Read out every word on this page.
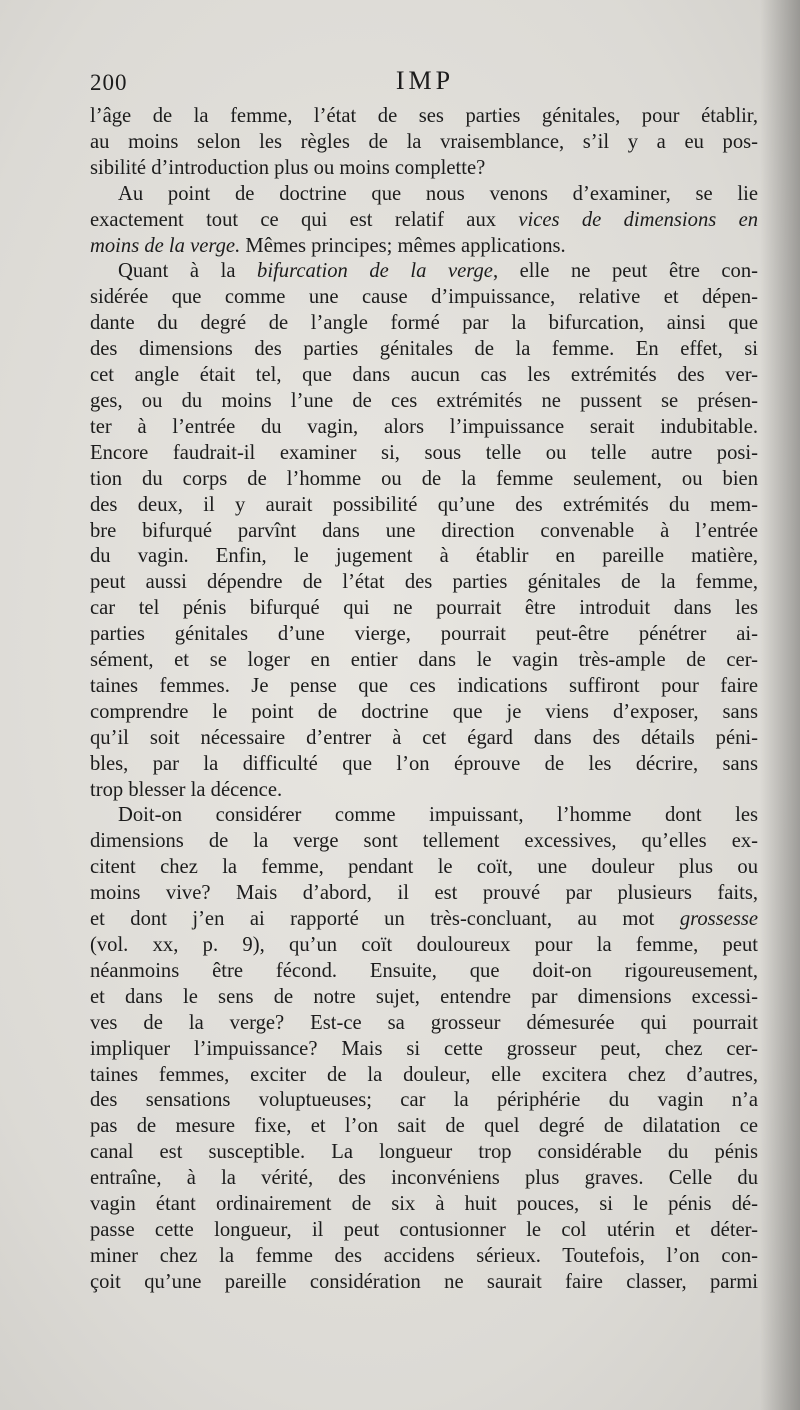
200	IMP
l’âge de la femme, l’état de ses parties génitales, pour établir,
au moins selon les règles de la vraisemblance, s’il y a eu pos-
sibilité d’introduction plus ou moins complette?
Au point de doctrine que nous venons d’examiner, se lie
exactement tout ce qui est relatif aux vices de dimensions en
moins de la verge. Mêmes principes; mêmes applications.
Quant à la bifurcation de la verge, elle ne peut être con-
sidérée que comme une cause d’impuissance, relative et dépen-
dante du degré de l’angle formé par la bifurcation, ainsi que
des dimensions des parties génitales de la femme. En effet, si
cet angle était tel, que dans aucun cas les extrémités des ver-
ges, ou du moins l’une de ces extrémités ne pussent se présen-
ter à l’entrée du vagin, alors l’impuissance serait indubitable.
Encore faudrait-il examiner si, sous telle ou telle autre posi-
tion du corps de l’homme ou de la femme seulement, ou bien
des deux, il y aurait possibilité qu’une des extrémités du mem-
bre bifurqué parvînt dans une direction convenable à l’entrée
du vagin. Enfin, le jugement à établir en pareille matière,
peut aussi dépendre de l’état des parties génitales de la femme,
car tel pénis bifurqué qui ne pourrait être introduit dans les
parties génitales d’une vierge, pourrait peut-être pénétrer ai-
sément, et se loger en entier dans le vagin très-ample de cer-
taines femmes. Je pense que ces indications suffiront pour faire
comprendre le point de doctrine que je viens d’exposer, sans
qu’il soit nécessaire d’entrer à cet égard dans des détails péni-
bles, par la difficulté que l’on éprouve de les décrire, sans
trop blesser la décence.
Doit-on considérer comme impuissant, l’homme dont les
dimensions de la verge sont tellement excessives, qu’elles ex-
citent chez la femme, pendant le coït, une douleur plus ou
moins vive? Mais d’abord, il est prouvé par plusieurs faits,
et dont j’en ai rapporté un très-concluant, au mot grossesse
(vol. xx, p. 9), qu’un coït douloureux pour la femme, peut
néanmoins être fécond. Ensuite, que doit-on rigoureusement,
et dans le sens de notre sujet, entendre par dimensions excessi-
ves de la verge? Est-ce sa grosseur démesurée qui pourrait
impliquer l’impuissance? Mais si cette grosseur peut, chez cer-
taines femmes, exciter de la douleur, elle excitera chez d’autres,
des sensations voluptueuses; car la périphérie du vagin n’a
pas de mesure fixe, et l’on sait de quel degré de dilatation ce
canal est susceptible. La longueur trop considérable du pénis
entraîne, à la vérité, des inconvéniens plus graves. Celle du
vagin étant ordinairement de six à huit pouces, si le pénis dé-
passe cette longueur, il peut contusionner le col utérin et déter-
miner chez la femme des accidens sérieux. Toutefois, l’on con-
çoit qu’une pareille considération ne saurait faire classer, parmi
